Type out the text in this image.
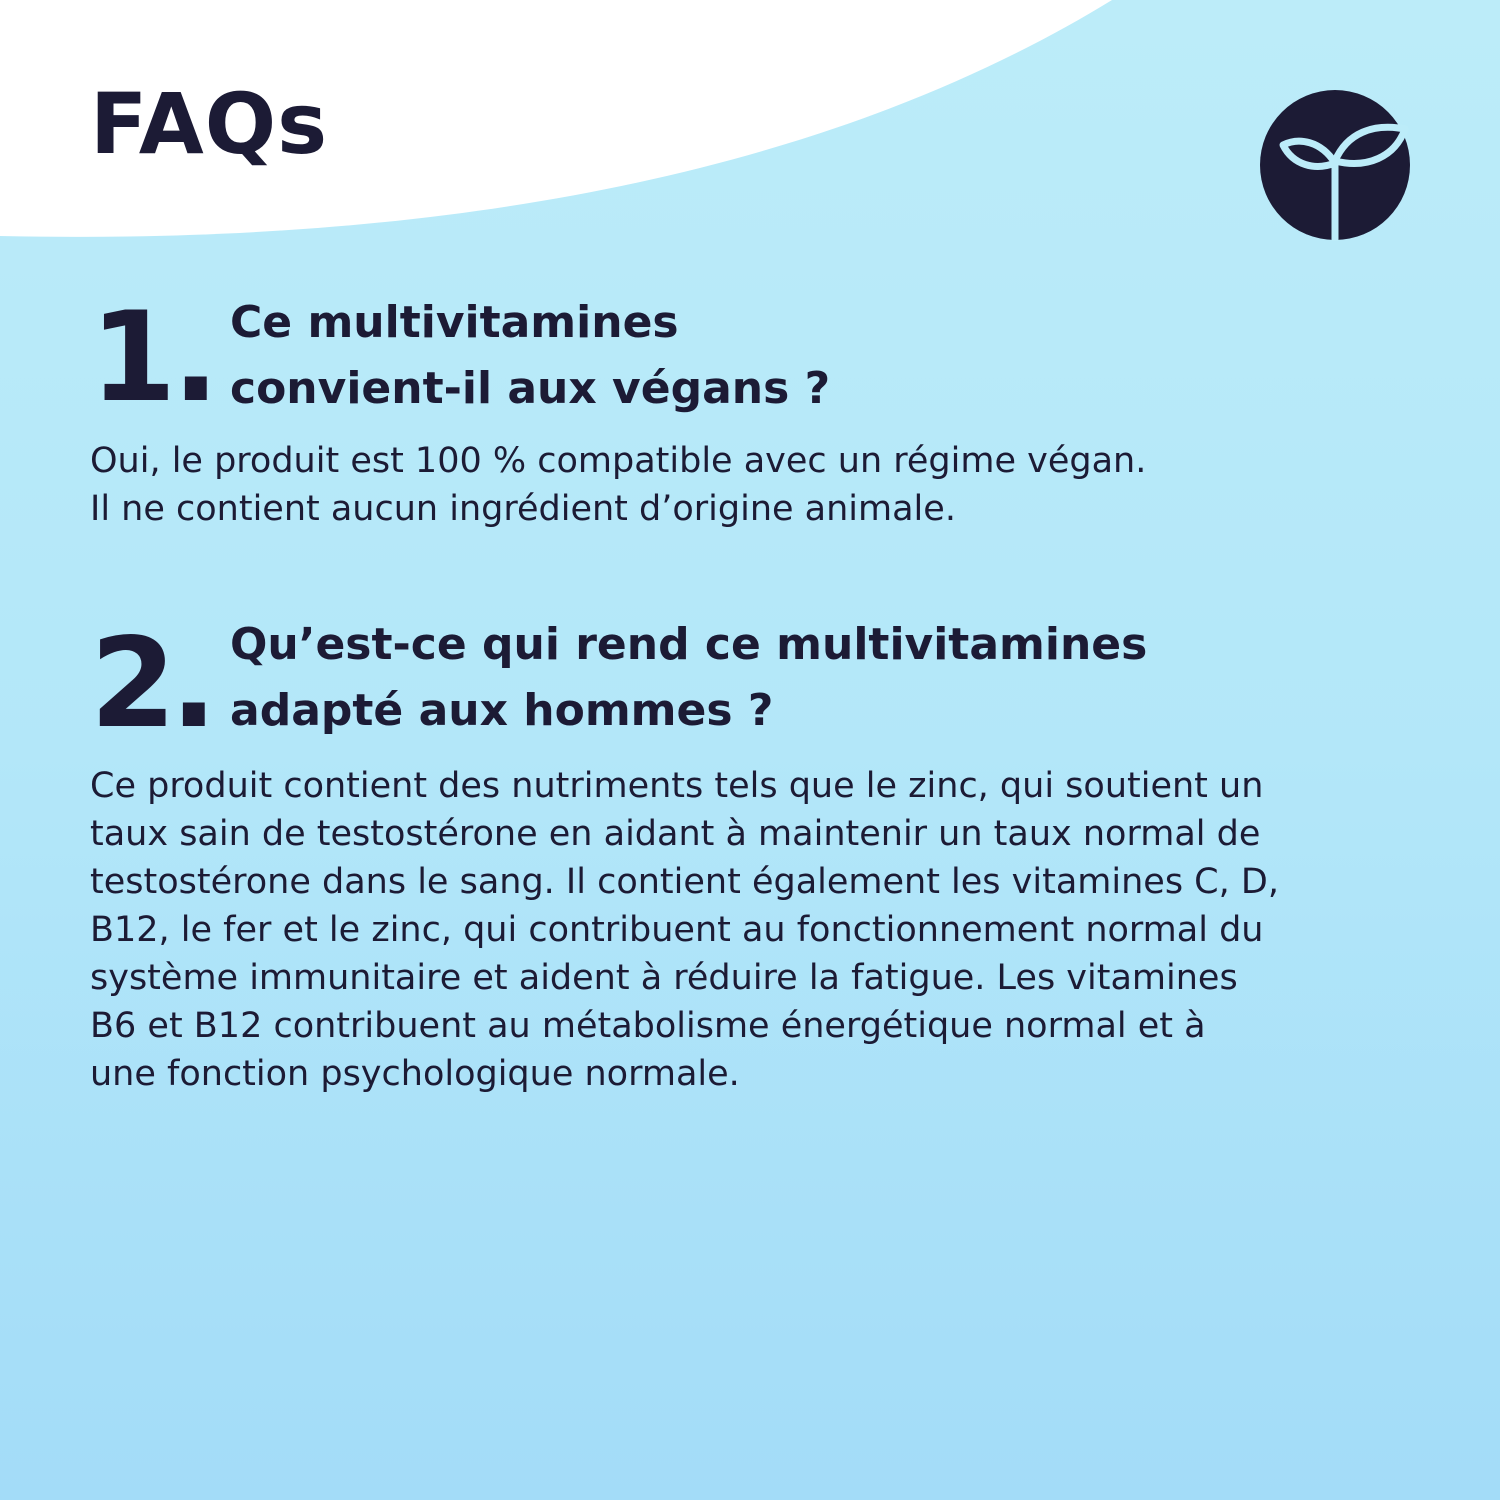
FAQs
1. Ce multivitamines
convient-il aux végans ?

Oui, le produit est 100 % compatible avec un régime végan.
Il ne contient aucun ingrédient d’origine animale.

2. Qu’est-ce qui rend ce multivitamines
adapté aux hommes ?

Ce produit contient des nutriments tels que le zinc, qui soutient un
taux sain de testostérone en aidant à maintenir un taux normal de
testostérone dans le sang. Il contient également les vitamines C, D,
B12, le fer et le zinc, qui contribuent au fonctionnement normal du
système immunitaire et aident à réduire la fatigue. Les vitamines
B6 et B12 contribuent au métabolisme énergétique normal et à
une fonction psychologique normale.
